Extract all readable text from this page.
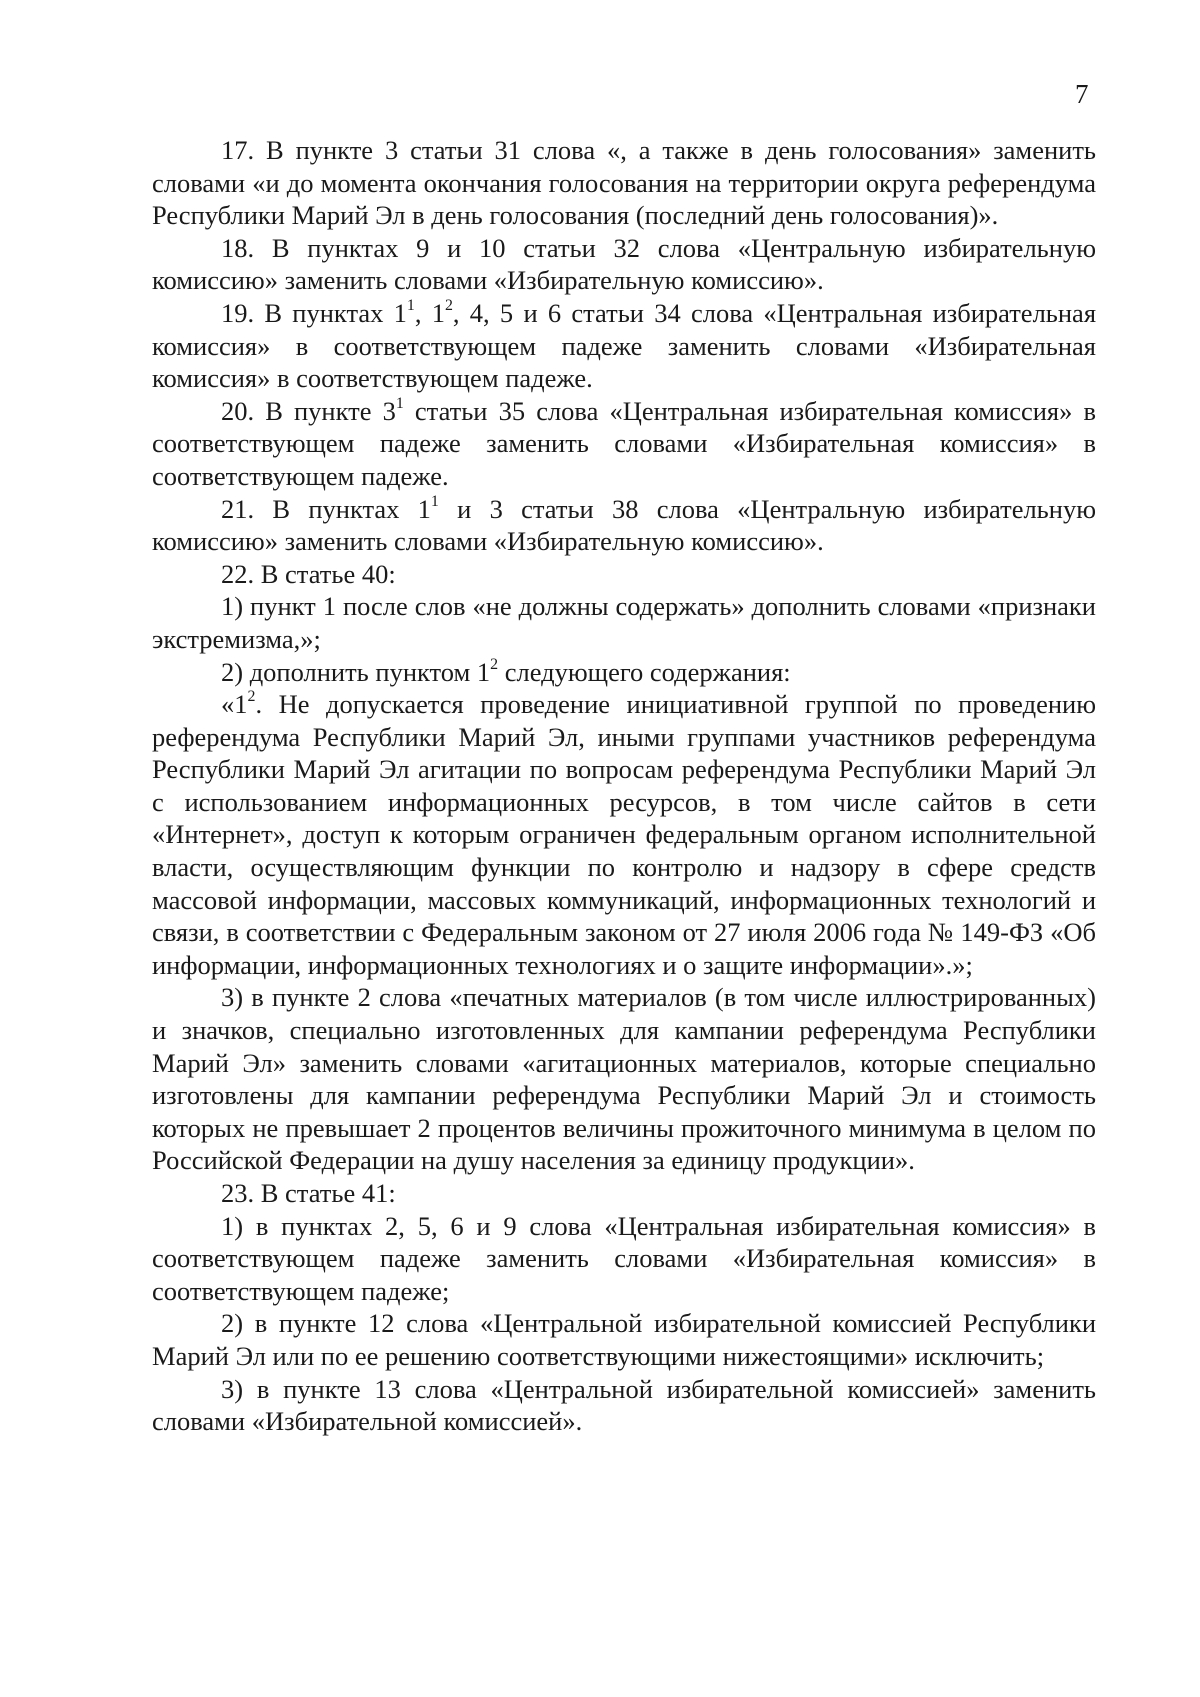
7

17. В пункте 3 статьи 31 слова «, а также в день голосования» заменить словами «и до момента окончания голосования на территории округа референдума Республики Марий Эл в день голосования (последний день голосования)».

18. В пунктах 9 и 10 статьи 32 слова «Центральную избирательную комиссию» заменить словами «Избирательную комиссию».

19. В пунктах $1^1$, $1^2$, 4, 5 и 6 статьи 34 слова «Центральная избирательная комиссия» в соответствующем падеже заменить словами «Избирательная комиссия» в соответствующем падеже.

20. В пункте $3^1$ статьи 35 слова «Центральная избирательная комиссия» в соответствующем падеже заменить словами «Избирательная комиссия» в соответствующем падеже.

21. В пунктах $1^1$ и 3 статьи 38 слова «Центральную избирательную комиссию» заменить словами «Избирательную комиссию».

22. В статье 40:

1) пункт 1 после слов «не должны содержать» дополнить словами «признаки экстремизма,»;

2) дополнить пунктом $1^2$ следующего содержания:

«$1^2$. Не допускается проведение инициативной группой по проведению референдума Республики Марий Эл, иными группами участников референдума Республики Марий Эл агитации по вопросам референдума Республики Марий Эл с использованием информационных ресурсов, в том числе сайтов в сети «Интернет», доступ к которым ограничен федеральным органом исполнительной власти, осуществляющим функции по контролю и надзору в сфере средств массовой информации, массовых коммуникаций, информационных технологий и связи, в соответствии с Федеральным законом от 27 июля 2006 года № 149-ФЗ «Об информации, информационных технологиях и о защите информации».»;

3) в пункте 2 слова «печатных материалов (в том числе иллюстрированных) и значков, специально изготовленных для кампании референдума Республики Марий Эл» заменить словами «агитационных материалов, которые специально изготовлены для кампании референдума Республики Марий Эл и стоимость которых не превышает 2 процентов величины прожиточного минимума в целом по Российской Федерации на душу населения за единицу продукции».

23. В статье 41:

1) в пунктах 2, 5, 6 и 9 слова «Центральная избирательная комиссия» в соответствующем падеже заменить словами «Избирательная комиссия» в соответствующем падеже;

2) в пункте 12 слова «Центральной избирательной комиссией Республики Марий Эл или по ее решению соответствующими нижестоящими» исключить;

3) в пункте 13 слова «Центральной избирательной комиссией» заменить словами «Избирательной комиссией».
